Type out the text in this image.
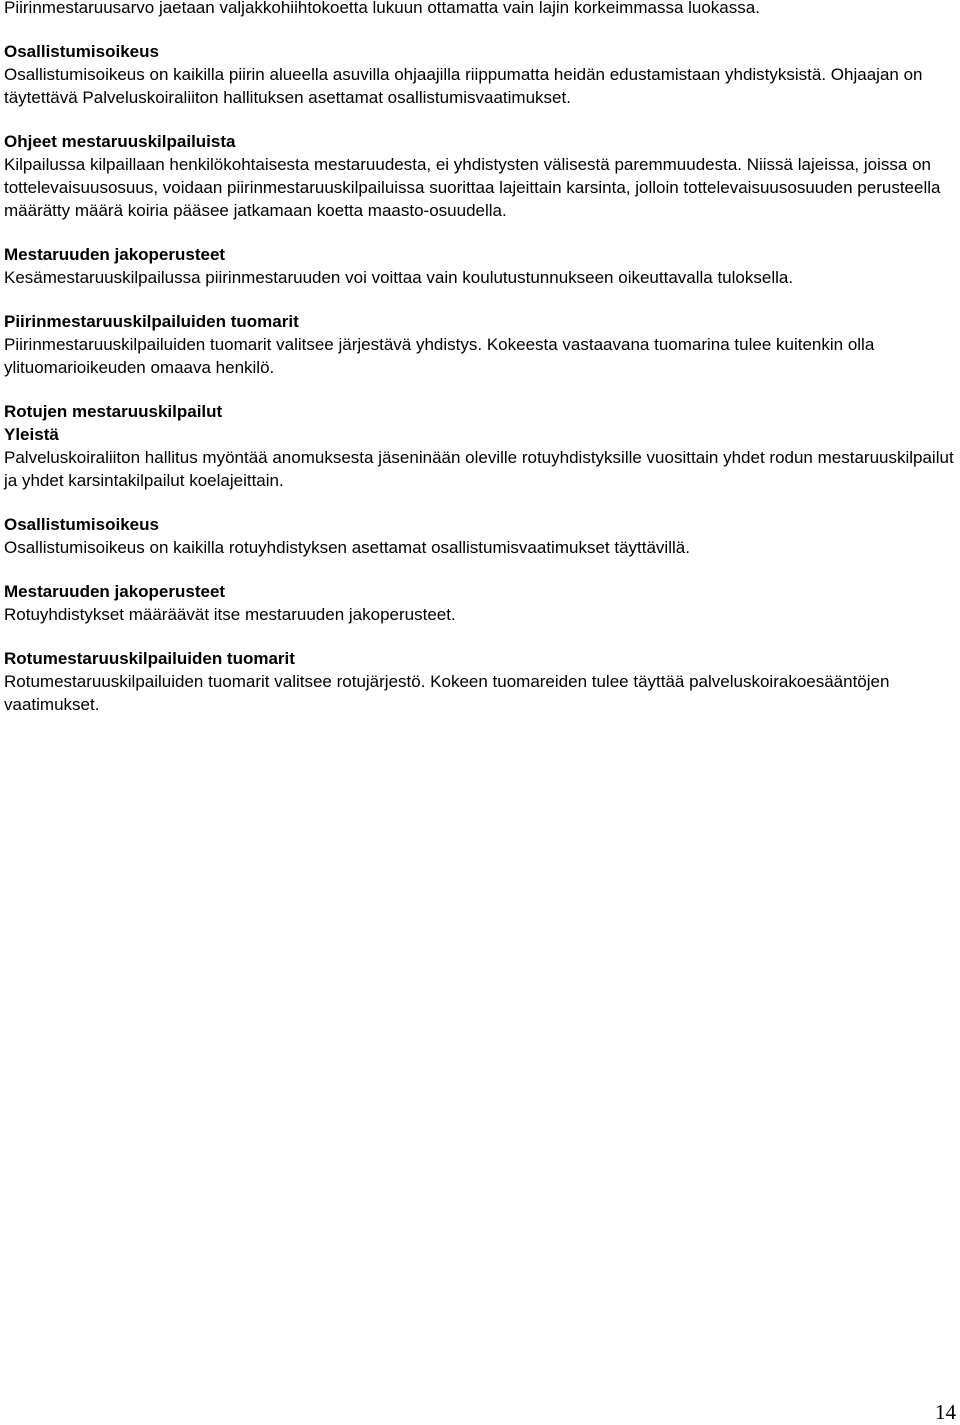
Piirinmestaruusarvo jaetaan valjakkohiihtokoetta lukuun ottamatta vain lajin korkeimmassa luokassa.

Osallistumisoikeus

Osallistumisoikeus on kaikilla piirin alueella asuvilla ohjaajilla riippumatta heidän edustamistaan yhdistyksistä. Ohjaajan on täytettävä Palveluskoiraliiton hallituksen asettamat osallistumisvaatimukset.

Ohjeet mestaruuskilpailuista

Kilpailussa kilpaillaan henkilökohtaisesta mestaruudesta, ei yhdistysten välisestä paremmuudesta. Niissä lajeissa, joissa on tottelevaisuusosuus, voidaan piirinmestaruuskilpailuissa suorittaa lajeittain karsinta, jolloin tottelevaisuusosuuden perusteella määrätty määrä koiria pääsee jatkamaan koetta maasto-osuudella.

Mestaruuden jakoperusteet

Kesämestaruuskilpailussa piirinmestaruuden voi voittaa vain koulutustunnukseen oikeuttavalla tuloksella.

Piirinmestaruuskilpailuiden tuomarit

Piirinmestaruuskilpailuiden tuomarit valitsee järjestävä yhdistys. Kokeesta vastaavana tuomarina tulee kuitenkin olla ylituomarioikeuden omaava henkilö.

Rotujen mestaruuskilpailut

Yleistä

Palveluskoiraliiton hallitus myöntää anomuksesta jäseninään oleville rotuyhdistyksille vuosittain yhdet rodun mestaruuskilpailut ja yhdet karsintakilpailut koelajeittain.

Osallistumisoikeus

Osallistumisoikeus on kaikilla rotuyhdistyksen asettamat osallistumisvaatimukset täyttävillä.

Mestaruuden jakoperusteet

Rotuyhdistykset määräävät itse mestaruuden jakoperusteet.

Rotumestaruuskilpailuiden tuomarit

Rotumestaruuskilpailuiden tuomarit valitsee rotujärjestö. Kokeen tuomareiden tulee täyttää palveluskoirakoesääntöjen vaatimukset.

14
